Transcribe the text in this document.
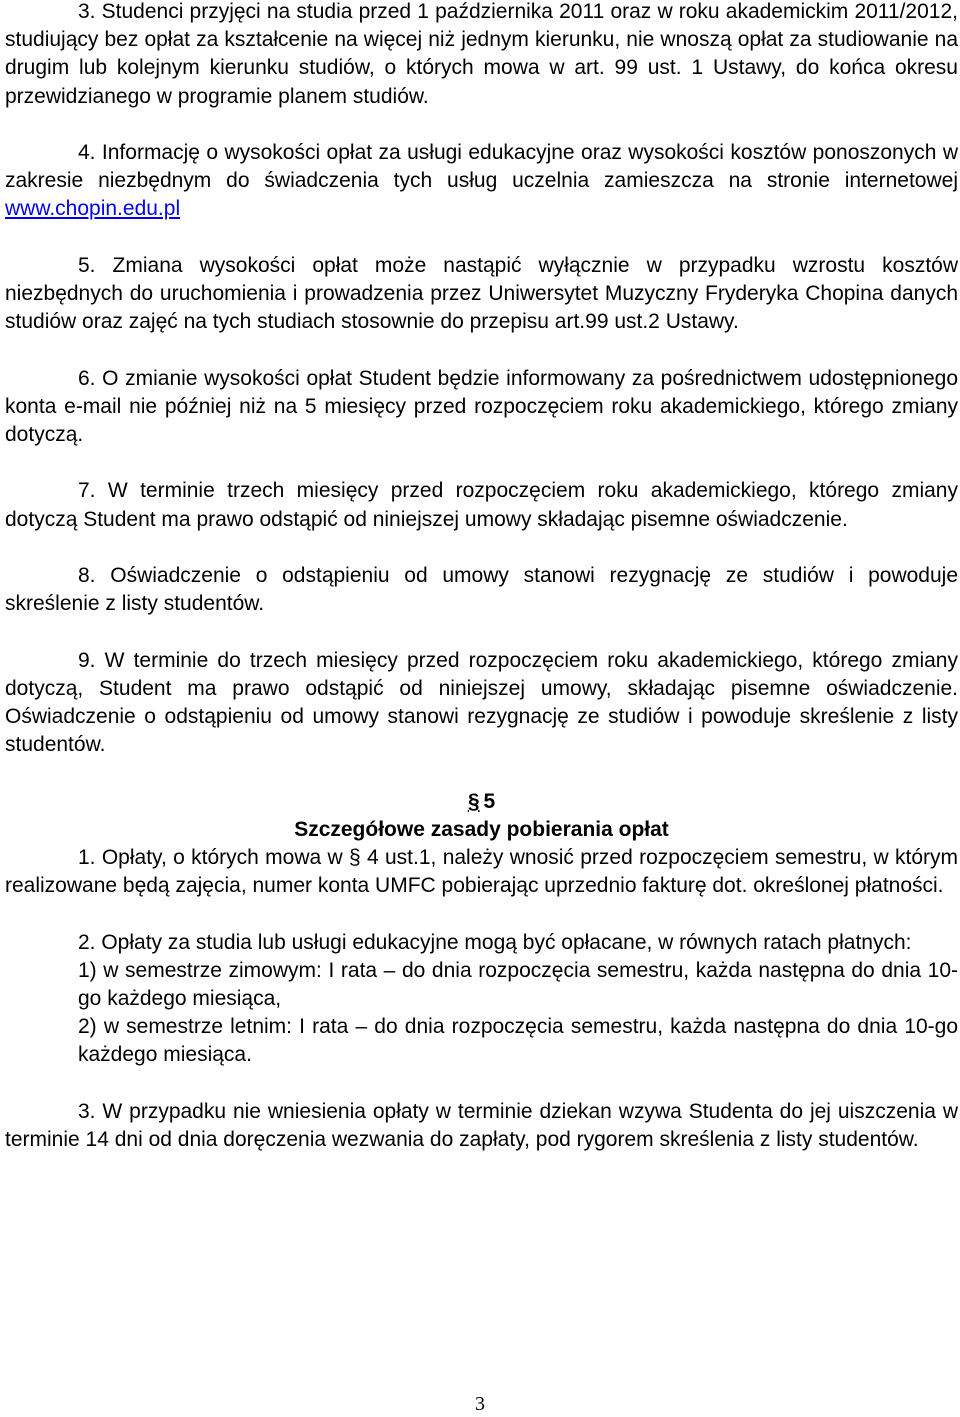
3. Studenci przyjęci na studia przed 1 października 2011 oraz w roku akademickim 2011/2012, studiujący bez opłat za kształcenie na więcej niż jednym kierunku, nie wnoszą opłat za studiowanie na drugim lub kolejnym kierunku studiów, o których mowa w art. 99 ust. 1 Ustawy, do końca okresu przewidzianego w programie planem studiów.

4. Informację o wysokości opłat za usługi edukacyjne oraz wysokości kosztów ponoszonych w zakresie niezbędnym do świadczenia tych usług uczelnia zamieszcza na stronie internetowej www.chopin.edu.pl

5. Zmiana wysokości opłat może nastąpić wyłącznie w przypadku wzrostu kosztów niezbędnych do uruchomienia i prowadzenia przez Uniwersytet Muzyczny Fryderyka Chopina danych studiów oraz zajęć na tych studiach stosownie do przepisu art.99 ust.2 Ustawy.

6. O zmianie wysokości opłat Student będzie informowany za pośrednictwem udostępnionego konta e-mail nie później niż na 5 miesięcy przed rozpoczęciem roku akademickiego, którego zmiany dotyczą.

7. W terminie trzech miesięcy przed rozpoczęciem roku akademickiego, którego zmiany dotyczą Student ma prawo odstąpić od niniejszej umowy składając pisemne oświadczenie.

8. Oświadczenie o odstąpieniu od umowy stanowi rezygnację ze studiów i powoduje skreślenie z listy studentów.

9. W terminie do trzech miesięcy przed rozpoczęciem roku akademickiego, którego zmiany dotyczą, Student ma prawo odstąpić od niniejszej umowy, składając pisemne oświadczenie. Oświadczenie o odstąpieniu od umowy stanowi rezygnację ze studiów i powoduje skreślenie z listy studentów.

§ 5
Szczegółowe zasady pobierania opłat

1. Opłaty, o których mowa w § 4 ust.1, należy wnosić przed rozpoczęciem semestru, w którym realizowane będą zajęcia, numer konta UMFC pobierając uprzednio fakturę dot. określonej płatności.

2. Opłaty za studia lub usługi edukacyjne mogą być opłacane, w równych ratach płatnych:

1) w semestrze zimowym: I rata – do dnia rozpoczęcia semestru, każda następna do dnia 10-go każdego miesiąca,

2) w semestrze letnim: I rata – do dnia rozpoczęcia semestru, każda następna do dnia 10-go każdego miesiąca.

3. W przypadku nie wniesienia opłaty w terminie dziekan wzywa Studenta do jej uiszczenia w terminie 14 dni od dnia doręczenia wezwania do zapłaty, pod rygorem skreślenia z listy studentów.

3
